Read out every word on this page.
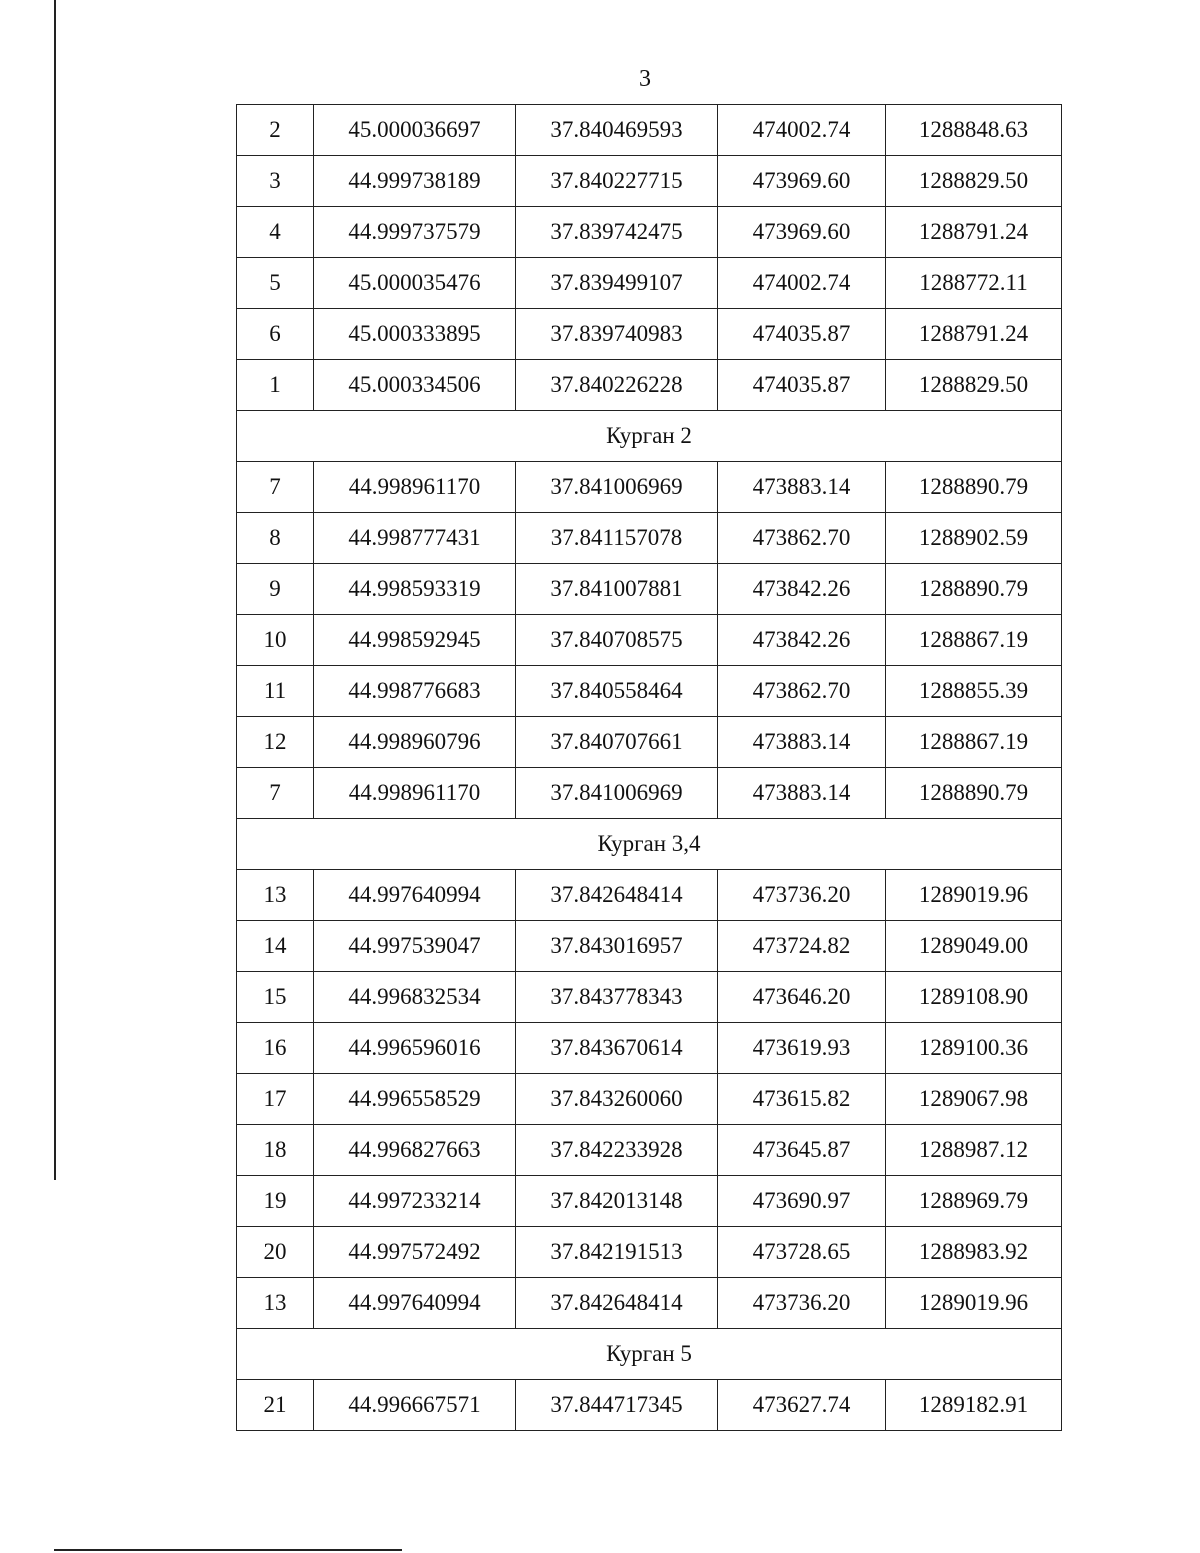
3
2	45.000036697	37.840469593	474002.74	1288848.63
3	44.999738189	37.840227715	473969.60	1288829.50
4	44.999737579	37.839742475	473969.60	1288791.24
5	45.000035476	37.839499107	474002.74	1288772.11
6	45.000333895	37.839740983	474035.87	1288791.24
1	45.000334506	37.840226228	474035.87	1288829.50
Курган 2				
7	44.998961170	37.841006969	473883.14	1288890.79
8	44.998777431	37.841157078	473862.70	1288902.59
9	44.998593319	37.841007881	473842.26	1288890.79
10	44.998592945	37.840708575	473842.26	1288867.19
11	44.998776683	37.840558464	473862.70	1288855.39
12	44.998960796	37.840707661	473883.14	1288867.19
7	44.998961170	37.841006969	473883.14	1288890.79
Курган 3,4				
13	44.997640994	37.842648414	473736.20	1289019.96
14	44.997539047	37.843016957	473724.82	1289049.00
15	44.996832534	37.843778343	473646.20	1289108.90
16	44.996596016	37.843670614	473619.93	1289100.36
17	44.996558529	37.843260060	473615.82	1289067.98
18	44.996827663	37.842233928	473645.87	1288987.12
19	44.997233214	37.842013148	473690.97	1288969.79
20	44.997572492	37.842191513	473728.65	1288983.92
13	44.997640994	37.842648414	473736.20	1289019.96
Курган 5				
21	44.996667571	37.844717345	473627.74	1289182.91
